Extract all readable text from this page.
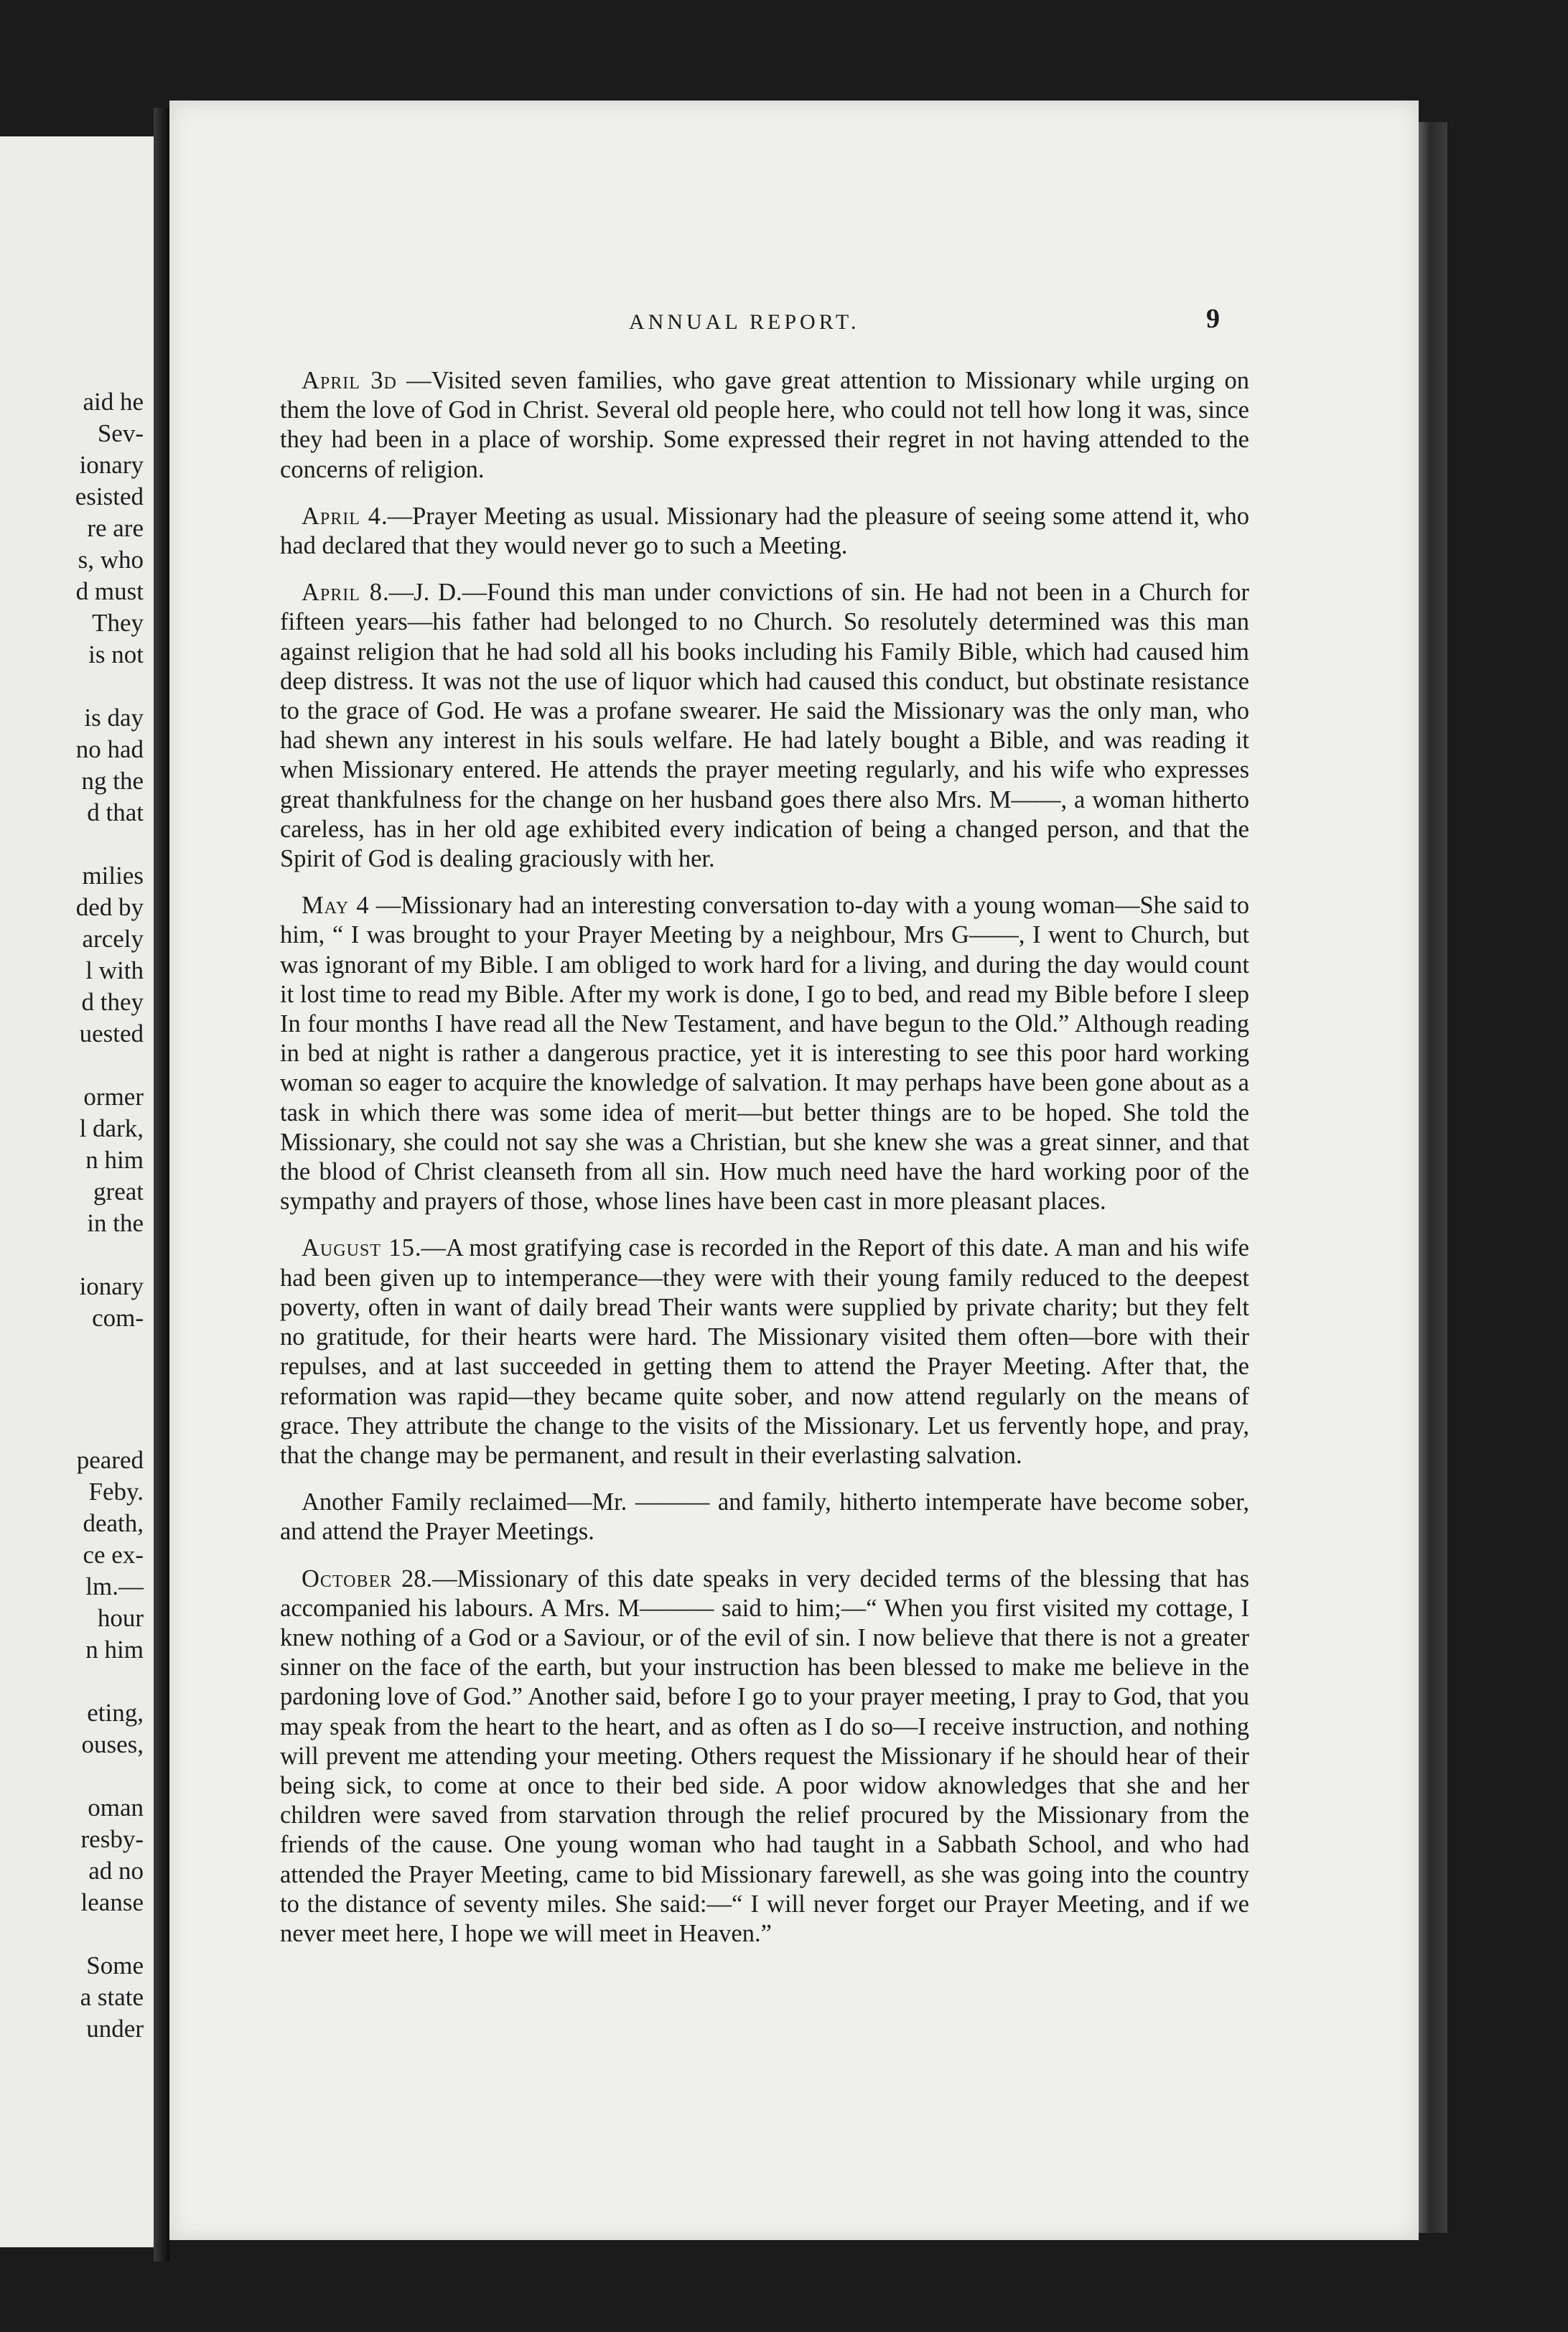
aid he
Sev-
ionary
esisted
re are
s, who
d must
They
is not
is day
no had
ng the
d that
milies
ded by
arcely
l with
d they
uested
ormer
l dark,
n him
great
in the
ionary
com-
peared
Feby.
death,
ce ex-
lm.—
hour
n him
eting,
ouses,
oman
resby-
ad no
leanse
Some
a state
under
ANNUAL REPORT.	9

April 3d —Visited seven families, who gave great attention to Missionary while urging on them the love of God in Christ. Several old people here, who could not tell how long it was, since they had been in a place of worship. Some expressed their regret in not having attended to the concerns of religion.

April 4.—Prayer Meeting as usual. Missionary had the pleasure of seeing some attend it, who had declared that they would never go to such a Meeting.

April 8.—J. D.—Found this man under convictions of sin. He had not been in a Church for fifteen years—his father had belonged to no Church. So resolutely determined was this man against religion that he had sold all his books including his Family Bible, which had caused him deep distress. It was not the use of liquor which had caused this conduct, but obstinate resistance to the grace of God. He was a profane swearer. He said the Missionary was the only man, who had shewn any interest in his souls welfare. He had lately bought a Bible, and was reading it when Missionary entered. He attends the prayer meeting regularly, and his wife who expresses great thankfulness for the change on her husband goes there also Mrs. M——, a woman hitherto careless, has in her old age exhibited every indication of being a changed person, and that the Spirit of God is dealing graciously with her.

May 4 —Missionary had an interesting conversation to-day with a young woman—She said to him, “ I was brought to your Prayer Meeting by a neighbour, Mrs G——, I went to Church, but was ignorant of my Bible. I am obliged to work hard for a living, and during the day would count it lost time to read my Bible. After my work is done, I go to bed, and read my Bible before I sleep In four months I have read all the New Testament, and have begun to the Old.” Although reading in bed at night is rather a dangerous practice, yet it is interesting to see this poor hard working woman so eager to acquire the knowledge of salvation. It may perhaps have been gone about as a task in which there was some idea of merit—but better things are to be hoped. She told the Missionary, she could not say she was a Christian, but she knew she was a great sinner, and that the blood of Christ cleanseth from all sin. How much need have the hard working poor of the sympathy and prayers of those, whose lines have been cast in more pleasant places.

August 15.—A most gratifying case is recorded in the Report of this date. A man and his wife had been given up to intemperance—they were with their young family reduced to the deepest poverty, often in want of daily bread Their wants were supplied by private charity; but they felt no gratitude, for their hearts were hard. The Missionary visited them often—bore with their repulses, and at last succeeded in getting them to attend the Prayer Meeting. After that, the reformation was rapid—they became quite sober, and now attend regularly on the means of grace. They attribute the change to the visits of the Missionary. Let us fervently hope, and pray, that the change may be permanent, and result in their everlasting salvation.

Another Family reclaimed—Mr. ——— and family, hitherto intemperate have become sober, and attend the Prayer Meetings.

October 28.—Missionary of this date speaks in very decided terms of the blessing that has accompanied his labours. A Mrs. M——— said to him;—“ When you first visited my cottage, I knew nothing of a God or a Saviour, or of the evil of sin. I now believe that there is not a greater sinner on the face of the earth, but your instruction has been blessed to make me believe in the pardoning love of God.” Another said, before I go to your prayer meeting, I pray to God, that you may speak from the heart to the heart, and as often as I do so—I receive instruction, and nothing will prevent me attending your meeting. Others request the Missionary if he should hear of their being sick, to come at once to their bed side. A poor widow aknowledges that she and her children were saved from starvation through the relief procured by the Missionary from the friends of the cause. One young woman who had taught in a Sabbath School, and who had attended the Prayer Meeting, came to bid Missionary farewell, as she was going into the country to the distance of seventy miles. She said:—“ I will never forget our Prayer Meeting, and if we never meet here, I hope we will meet in Heaven.”
